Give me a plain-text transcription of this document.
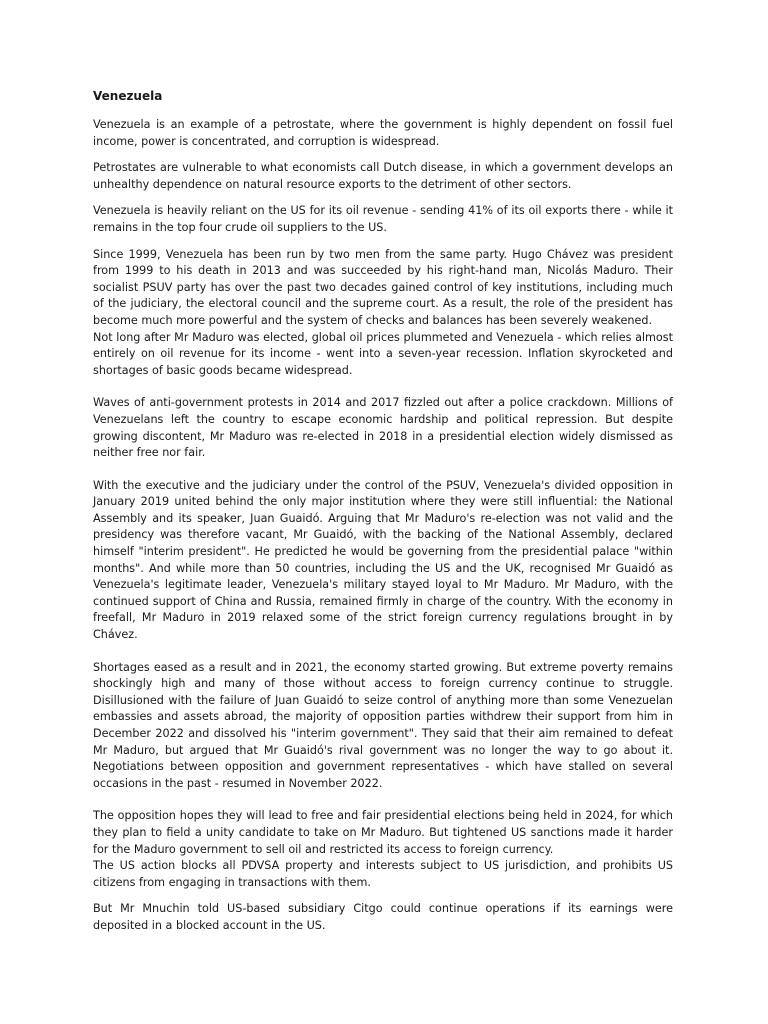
Venezuela

Venezuela is an example of a petrostate, where the government is highly dependent on fossil fuel income, power is concentrated, and corruption is widespread.

Petrostates are vulnerable to what economists call Dutch disease, in which a government develops an unhealthy dependence on natural resource exports to the detriment of other sectors.

Venezuela is heavily reliant on the US for its oil revenue - sending 41% of its oil exports there - while it remains in the top four crude oil suppliers to the US.

Since 1999, Venezuela has been run by two men from the same party. Hugo Chávez was president from 1999 to his death in 2013 and was succeeded by his right-hand man, Nicolás Maduro. Their socialist PSUV party has over the past two decades gained control of key institutions, including much of the judiciary, the electoral council and the supreme court. As a result, the role of the president has become much more powerful and the system of checks and balances has been severely weakened.

Not long after Mr Maduro was elected, global oil prices plummeted and Venezuela - which relies almost entirely on oil revenue for its income - went into a seven-year recession. Inflation skyrocketed and shortages of basic goods became widespread.

Waves of anti-government protests in 2014 and 2017 fizzled out after a police crackdown. Millions of Venezuelans left the country to escape economic hardship and political repression. But despite growing discontent, Mr Maduro was re-elected in 2018 in a presidential election widely dismissed as neither free nor fair.

With the executive and the judiciary under the control of the PSUV, Venezuela's divided opposition in January 2019 united behind the only major institution where they were still influential: the National Assembly and its speaker, Juan Guaidó. Arguing that Mr Maduro's re-election was not valid and the presidency was therefore vacant, Mr Guaidó, with the backing of the National Assembly, declared himself "interim president". He predicted he would be governing from the presidential palace "within months". And while more than 50 countries, including the US and the UK, recognised Mr Guaidó as Venezuela's legitimate leader, Venezuela's military stayed loyal to Mr Maduro. Mr Maduro, with the continued support of China and Russia, remained firmly in charge of the country. With the economy in freefall, Mr Maduro in 2019 relaxed some of the strict foreign currency regulations brought in by Chávez.

Shortages eased as a result and in 2021, the economy started growing. But extreme poverty remains shockingly high and many of those without access to foreign currency continue to struggle. Disillusioned with the failure of Juan Guaidó to seize control of anything more than some Venezuelan embassies and assets abroad, the majority of opposition parties withdrew their support from him in December 2022 and dissolved his "interim government". They said that their aim remained to defeat Mr Maduro, but argued that Mr Guaidó's rival government was no longer the way to go about it. Negotiations between opposition and government representatives - which have stalled on several occasions in the past - resumed in November 2022.

The opposition hopes they will lead to free and fair presidential elections being held in 2024, for which they plan to field a unity candidate to take on Mr Maduro. But tightened US sanctions made it harder for the Maduro government to sell oil and restricted its access to foreign currency.

The US action blocks all PDVSA property and interests subject to US jurisdiction, and prohibits US citizens from engaging in transactions with them.

But Mr Mnuchin told US-based subsidiary Citgo could continue operations if its earnings were deposited in a blocked account in the US.
